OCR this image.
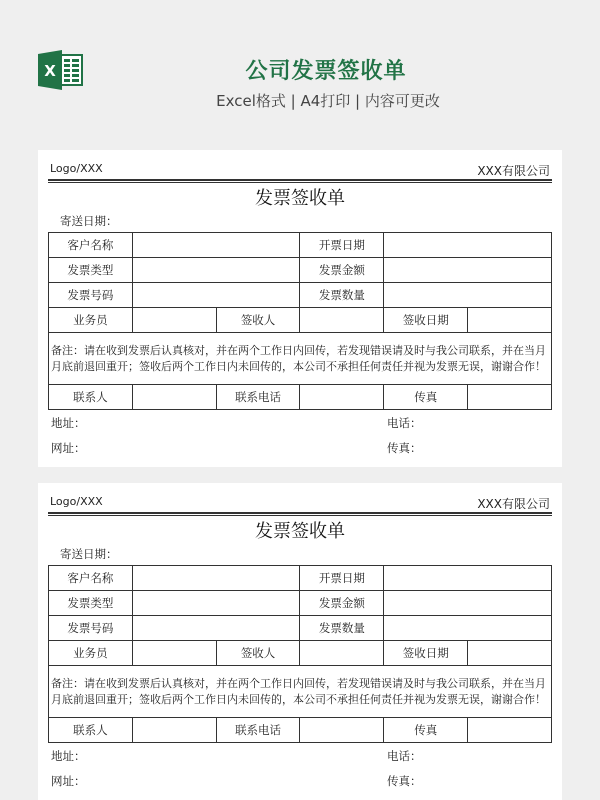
X	公司发票签收单
Excel格式 | A4打印 | 内容可更改
Logo/XXX	XXX有限公司
发票签收单
寄送日期：
客户名称			开票日期		
发票类型			发票金额		
发票号码			发票数量		
业务员		签收人		签收日期	
备注：请在收到发票后认真核对，并在两个工作日内回传，若发现错误请及时与我公司联系，并在当月月底前退回重开；签收后两个工作日内未回传的，本公司不承担任何责任并视为发票无误，谢谢合作！					
联系人		联系电话		传真	
地址：	电话：
网址：	传真：
Logo/XXX	XXX有限公司
发票签收单
寄送日期：
客户名称			开票日期		
发票类型			发票金额		
发票号码			发票数量		
业务员		签收人		签收日期	
备注：请在收到发票后认真核对，并在两个工作日内回传，若发现错误请及时与我公司联系，并在当月月底前退回重开；签收后两个工作日内未回传的，本公司不承担任何责任并视为发票无误，谢谢合作！					
联系人		联系电话		传真	
地址：	电话：
网址：	传真：
